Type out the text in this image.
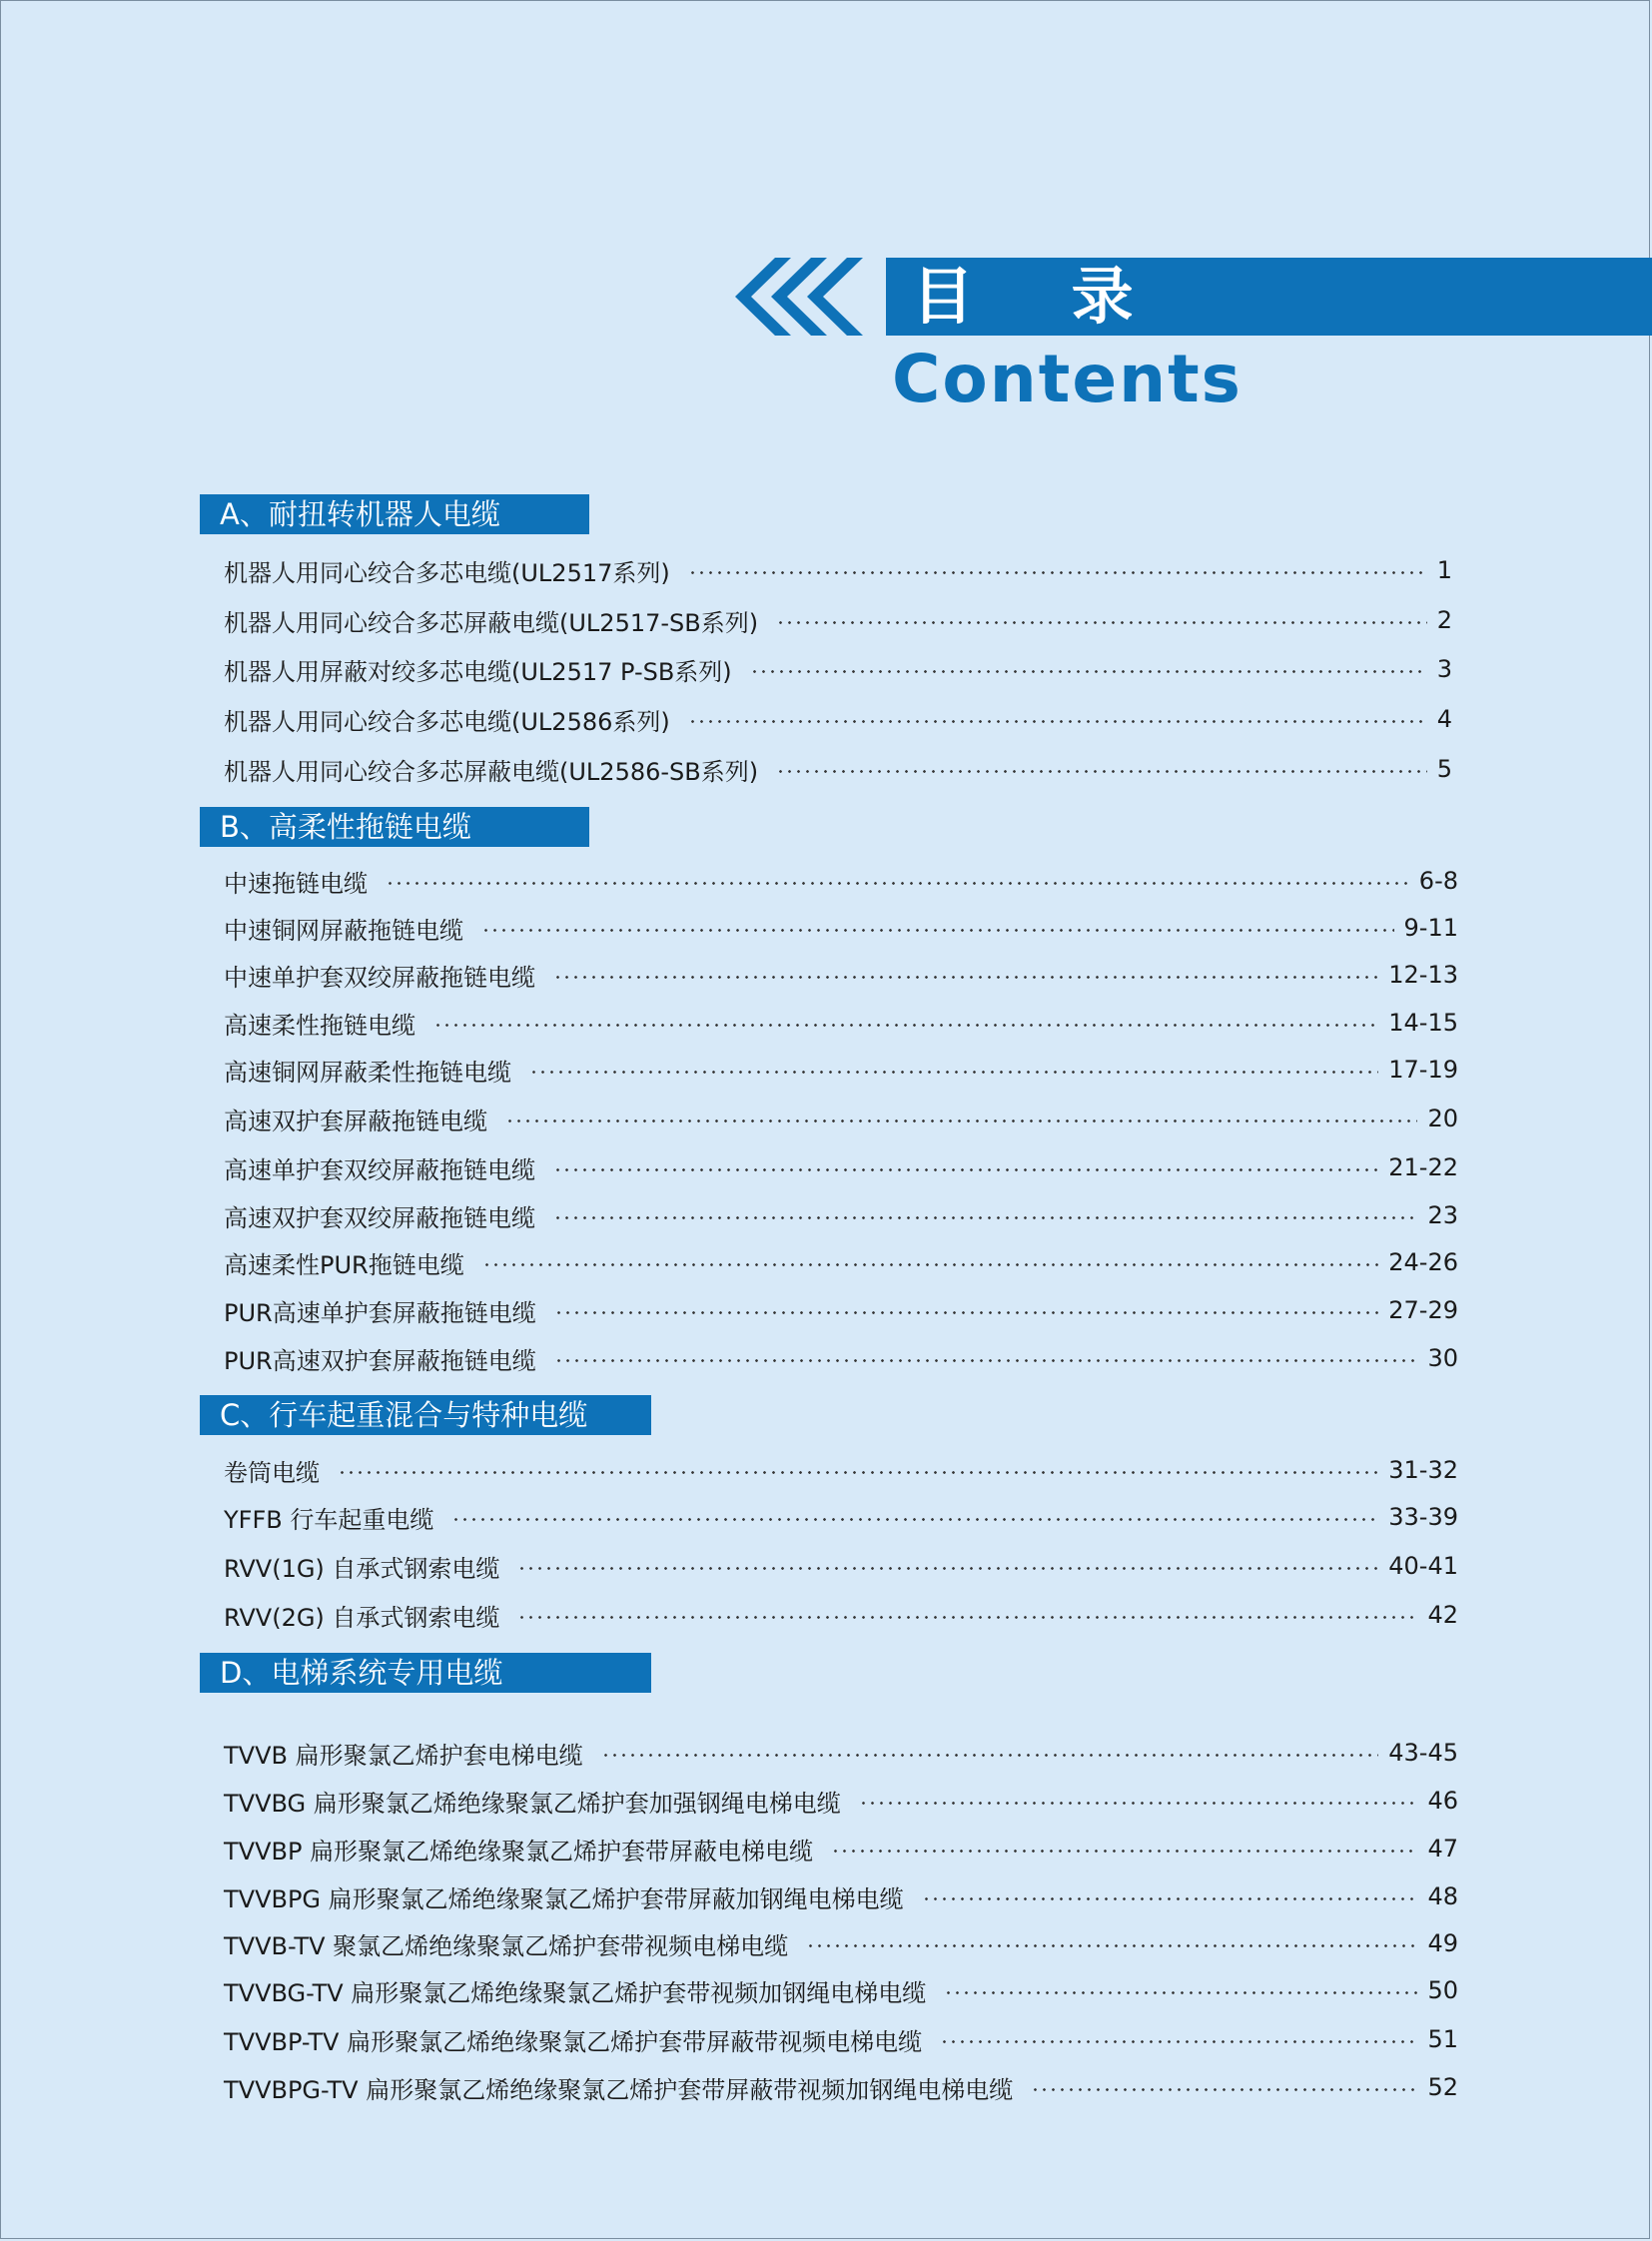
目 录
Contents
A、耐扭转机器人电缆
机器人用同心绞合多芯电缆(UL2517系列)	1
机器人用同心绞合多芯屏蔽电缆(UL2517-SB系列)	2
机器人用屏蔽对绞多芯电缆(UL2517 P-SB系列)	3
机器人用同心绞合多芯电缆(UL2586系列)	4
机器人用同心绞合多芯屏蔽电缆(UL2586-SB系列)	5
B、高柔性拖链电缆
中速拖链电缆	6-8
中速铜网屏蔽拖链电缆	9-11
中速单护套双绞屏蔽拖链电缆	12-13
高速柔性拖链电缆	14-15
高速铜网屏蔽柔性拖链电缆	17-19
高速双护套屏蔽拖链电缆	20
高速单护套双绞屏蔽拖链电缆	21-22
高速双护套双绞屏蔽拖链电缆	23
高速柔性PUR拖链电缆	24-26
PUR高速单护套屏蔽拖链电缆	27-29
PUR高速双护套屏蔽拖链电缆	30
C、行车起重混合与特种电缆
卷筒电缆	31-32
YFFB 行车起重电缆	33-39
RVV(1G) 自承式钢索电缆	40-41
RVV(2G) 自承式钢索电缆	42
D、电梯系统专用电缆
TVVB 扁形聚氯乙烯护套电梯电缆	43-45
TVVBG 扁形聚氯乙烯绝缘聚氯乙烯护套加强钢绳电梯电缆	46
TVVBP 扁形聚氯乙烯绝缘聚氯乙烯护套带屏蔽电梯电缆	47
TVVBPG 扁形聚氯乙烯绝缘聚氯乙烯护套带屏蔽加钢绳电梯电缆	48
TVVB-TV 聚氯乙烯绝缘聚氯乙烯护套带视频电梯电缆	49
TVVBG-TV 扁形聚氯乙烯绝缘聚氯乙烯护套带视频加钢绳电梯电缆	50
TVVBP-TV 扁形聚氯乙烯绝缘聚氯乙烯护套带屏蔽带视频电梯电缆	51
TVVBPG-TV 扁形聚氯乙烯绝缘聚氯乙烯护套带屏蔽带视频加钢绳电梯电缆	52
